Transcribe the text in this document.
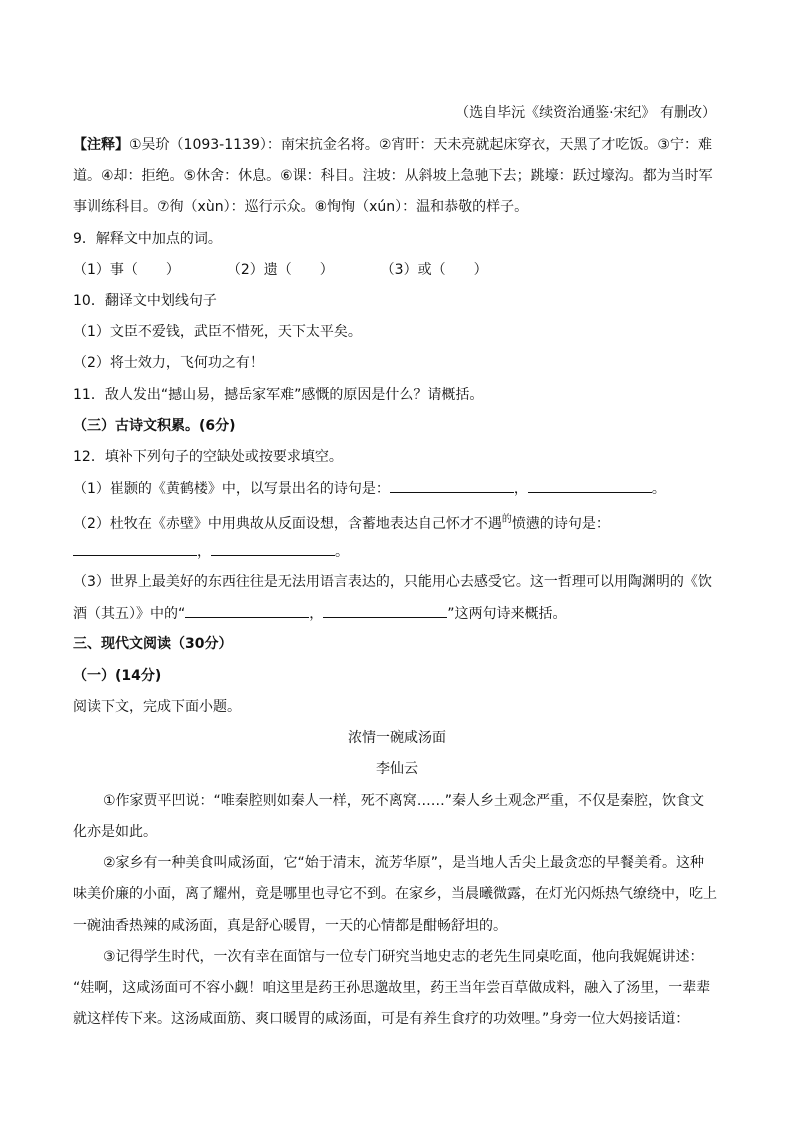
（选自毕沅《续资治通鉴·宋纪》 有删改）
【注释】①吴玠（1093-1139）：南宋抗金名将。②宵旰：天未亮就起床穿衣，天黑了才吃饭。③宁：难
道。④却：拒绝。⑤休舍：休息。⑥课：科目。注坡：从斜坡上急驰下去；跳壕：跃过壕沟。都为当时军
事训练科目。⑦徇（xùn）：巡行示众。⑧恂恂（xún）：温和恭敬的样子。
9．解释文中加点的词。
（1）事（　　）	（2）遗（　　）	（3）或（　　）
10．翻译文中划线句子
（1）文臣不爱钱，武臣不惜死，天下太平矣。
（2）将士效力，飞何功之有！
11．敌人发出“撼山易，撼岳家军难”感慨的原因是什么？请概括。
（三）古诗文积累。(6分)
12．填补下列句子的空缺处或按要求填空。
（1）崔颢的《黄鹤楼》中，以写景出名的诗句是：	，	。
（2）杜牧在《赤壁》中用典故从反面设想，含蓄地表达自己怀才不遇$^的$愤懑的诗句是：
，	。
（3）世界上最美好的东西往往是无法用语言表达的，只能用心去感受它。这一哲理可以用陶渊明的《饮
酒（其五）》中的“	，	”这两句诗来概括。
三、现代文阅读（30分）
（一）(14分)
阅读下文，完成下面小题。
浓情一碗咸汤面
李仙云
①作家贾平凹说：“唯秦腔则如秦人一样，死不离窝……”秦人乡土观念严重，不仅是秦腔，饮食文
化亦是如此。
②家乡有一种美食叫咸汤面，它“始于清末，流芳华原”，是当地人舌尖上最贪恋的早餐美肴。这种
味美价廉的小面，离了耀州，竟是哪里也寻它不到。在家乡，当晨曦微露，在灯光闪烁热气缭绕中，吃上
一碗油香热辣的咸汤面，真是舒心暖胃，一天的心情都是酣畅舒坦的。
③记得学生时代，一次有幸在面馆与一位专门研究当地史志的老先生同桌吃面，他向我娓娓讲述：
“娃啊，这咸汤面可不容小觑！咱这里是药王孙思邈故里，药王当年尝百草做成料，融入了汤里，一辈辈
就这样传下来。这汤咸面筋、爽口暖胃的咸汤面，可是有养生食疗的功效哩。”身旁一位大妈接话道：
